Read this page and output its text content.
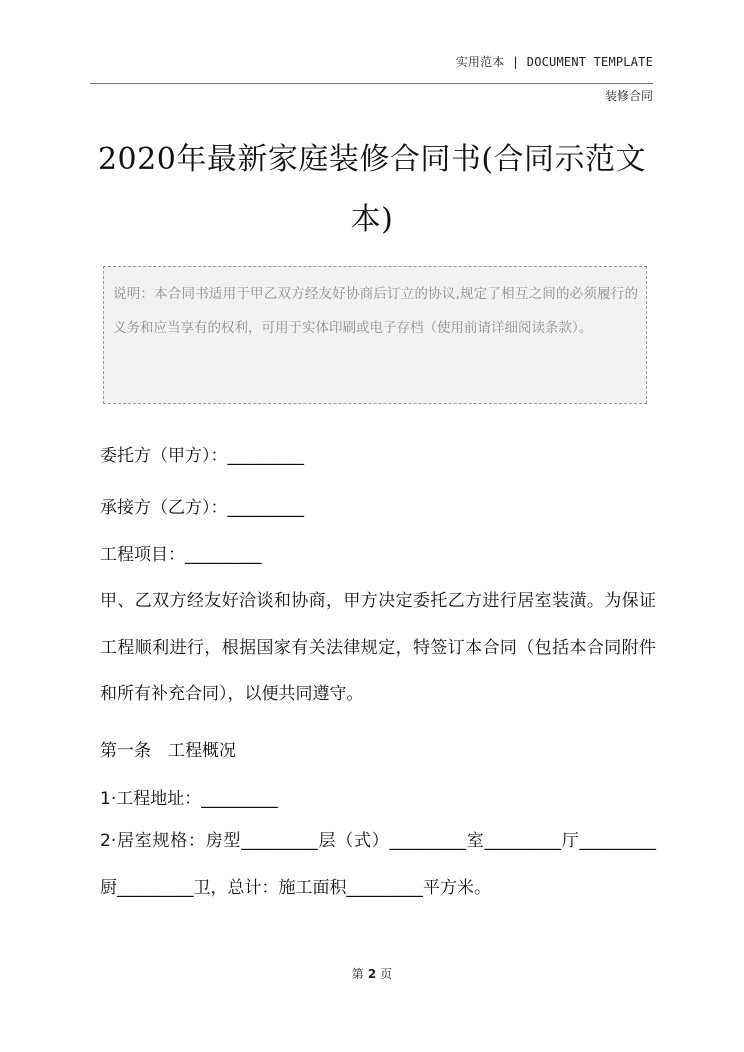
实用范本 | DOCUMENT TEMPLATE
装修合同
2020年最新家庭装修合同书(合同示范文本)
说明：本合同书适用于甲乙双方经友好协商后订立的协议,规定了相互之间的必须履行的义务和应当享有的权利，可用于实体印刷或电子存档（使用前请详细阅读条款）。
委托方（甲方）：_________
承接方（乙方）：_________
工程项目：_________
甲、乙双方经友好洽谈和协商，甲方决定委托乙方进行居室装潢。为保证工程顺利进行，根据国家有关法律规定，特签订本合同（包括本合同附件和所有补充合同），以便共同遵守。
第一条　工程概况
1·工程地址：_________
2·居室规格：房型_________层（式）_________室_________厅_________厨_________卫，总计：施工面积_________平方米。
第 2 页
